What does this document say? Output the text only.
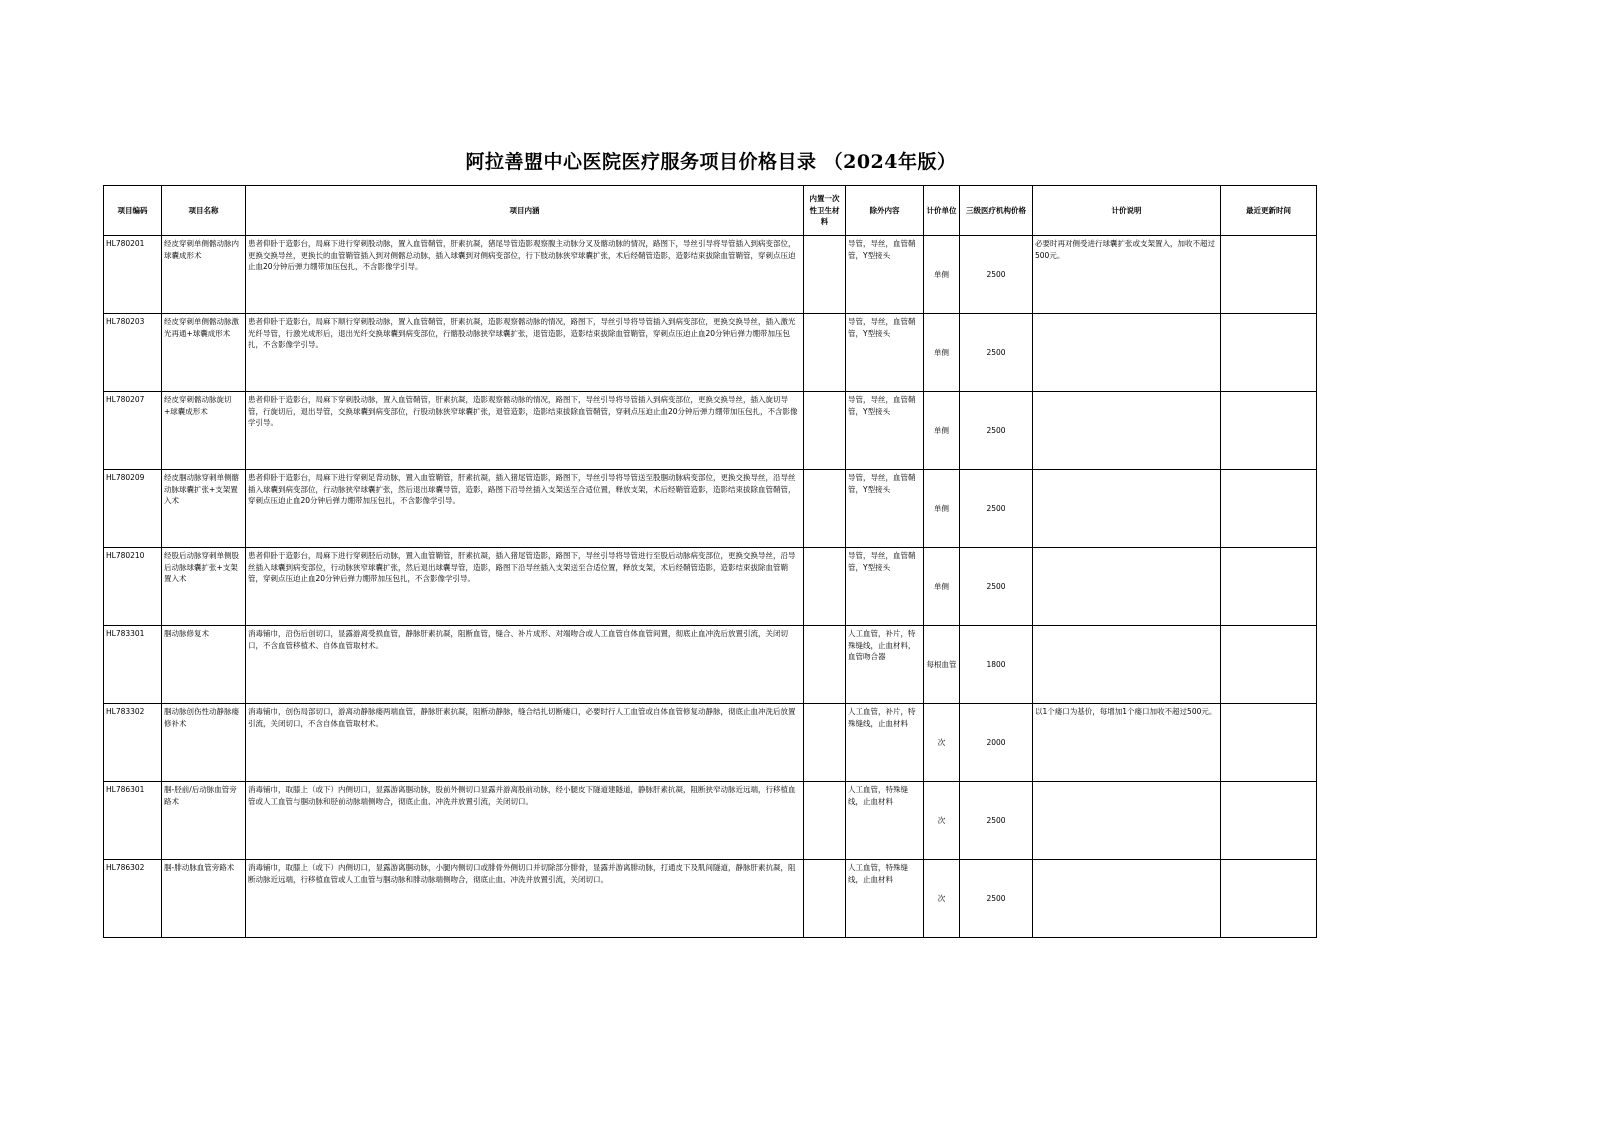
阿拉善盟中心医院医疗服务项目价格目录 （2024年版）
项目编码	项目名称	项目内涵	内置一次性卫生材料	除外内容	计价单位	三级医疗机构价格	计价说明	最近更新时间
HL780201	经皮穿刺单侧髂动脉内球囊成形术	患者仰卧于造影台，局麻下进行穿刺股动脉，置入血管鞘管，肝素抗凝，猪尾导管造影观察腹主动脉分叉及髂动脉的情况，路图下，导丝引导将导管插入到病变部位，更换交换导丝，更换长的血管鞘管插入到对侧髂总动脉，插入球囊到对侧病变部位，行下肢动脉狭窄球囊扩张，术后经鞘管造影，造影结束拔除血管鞘管，穿刺点压迫止血20分钟后弹力绷带加压包扎，不含影像学引导。		导管，导丝，血管鞘管，Y型接头	单侧	2500	必要时再对侧受进行球囊扩张或支架置入，加收不超过500元。	
HL780203	经皮穿刺单侧髂动脉激光再通+球囊成形术	患者仰卧于造影台，局麻下顺行穿刺股动脉，置入血管鞘管，肝素抗凝，造影观察髂动脉的情况，路图下，导丝引导将导管插入到病变部位，更换交换导丝，插入激光光纤导管，行激光成形后，退出光纤交换球囊到病变部位，行髂股动脉狭窄球囊扩张，退管造影，造影结束拔除血管鞘管，穿刺点压迫止血20分钟后弹力绷带加压包扎，不含影像学引导。		导管，导丝，血管鞘管，Y型接头	单侧	2500		
HL780207	经皮穿刺髂动脉旋切+球囊成形术	患者仰卧于造影台，局麻下穿刺股动脉，置入血管鞘管，肝素抗凝，造影观察髂动脉的情况，路图下，导丝引导将导管插入到病变部位，更换交换导丝，插入旋切导管，行旋切后，退出导管，交换球囊到病变部位，行股动脉狭窄球囊扩张，退管造影，造影结束拔除血管鞘管，穿刺点压迫止血20分钟后弹力绷带加压包扎，不含影像学引导。		导管，导丝，血管鞘管，Y型接头	单侧	2500		
HL780209	经皮腘动脉穿刺单侧髂动脉球囊扩张+支架置入术	患者仰卧于造影台，局麻下进行穿刺足背动脉，置入血管鞘管，肝素抗凝，插入猪尾管造影，路图下，导丝引导将导管送至股腘动脉病变部位，更换交换导丝，沿导丝插入球囊到病变部位，行动脉狭窄球囊扩张，然后退出球囊导管，造影，路图下沿导丝插入支架送至合适位置，释放支架，术后经鞘管造影，造影结束拔除血管鞘管，穿刺点压迫止血20分钟后弹力绷带加压包扎，不含影像学引导。		导管，导丝，血管鞘管，Y型接头	单侧	2500		
HL780210	经股后动脉穿刺单侧股后动脉球囊扩张+支架置入术	患者仰卧于造影台，局麻下进行穿刺胫后动脉，置入血管鞘管，肝素抗凝，插入猪尾管造影，路图下，导丝引导将导管进行至股后动脉病变部位，更换交换导丝，沿导丝插入球囊到病变部位，行动脉狭窄球囊扩张，然后退出球囊导管，造影，路图下沿导丝插入支架送至合适位置，释放支架，术后经鞘管造影，造影结束拔除血管鞘管，穿刺点压迫止血20分钟后弹力绷带加压包扎，不含影像学引导。		导管，导丝，血管鞘管，Y型接头	单侧	2500		
HL783301	腘动脉修复术	消毒铺巾，沿伤后创切口，显露游离受损血管，静脉肝素抗凝，阻断血管，缝合、补片成形、对端吻合或人工血管自体血管间置，彻底止血冲洗后放置引流，关闭切口，不含血管移植术、自体血管取材术。		人工血管，补片，特殊缝线，止血材料，血管吻合器	每根血管	1800		
HL783302	腘动脉创伤性动静脉瘘修补术	消毒铺巾，创伤局部切口，游离动静脉瘘两端血管，静脉肝素抗凝，阻断动静脉，缝合结扎切断瘘口，必要时行人工血管或自体血管修复动静脉，彻底止血冲洗后放置引流，关闭切口，不含自体血管取材术。		人工血管，补片，特殊缝线，止血材料	次	2000	以1个瘘口为基价，每增加1个瘘口加收不超过500元。	
HL786301	腘-胫前/后动脉血管旁路术	消毒铺巾，取膝上（或下）内侧切口，显露游离腘动脉，股前外侧切口显露并游离股前动脉，经小腿皮下隧道建隧道，静脉肝素抗凝，阻断狭窄动脉近远端，行移植血管或人工血管与腘动脉和胫前动脉端侧吻合，彻底止血、冲洗并放置引流，关闭切口。		人工血管，特殊缝线，止血材料	次	2500		
HL786302	腘-腓动脉血管旁路术	消毒铺巾，取膝上（或下）内侧切口，显露游离腘动脉，小腿内侧切口或腓骨外侧切口并切除部分腓骨，显露并游离腓动脉，打通皮下及肌间隧道，静脉肝素抗凝，阻断动脉近远端，行移植血管或人工血管与腘动脉和腓动脉端侧吻合，彻底止血、冲洗并放置引流，关闭切口。		人工血管，特殊缝线，止血材料	次	2500		
